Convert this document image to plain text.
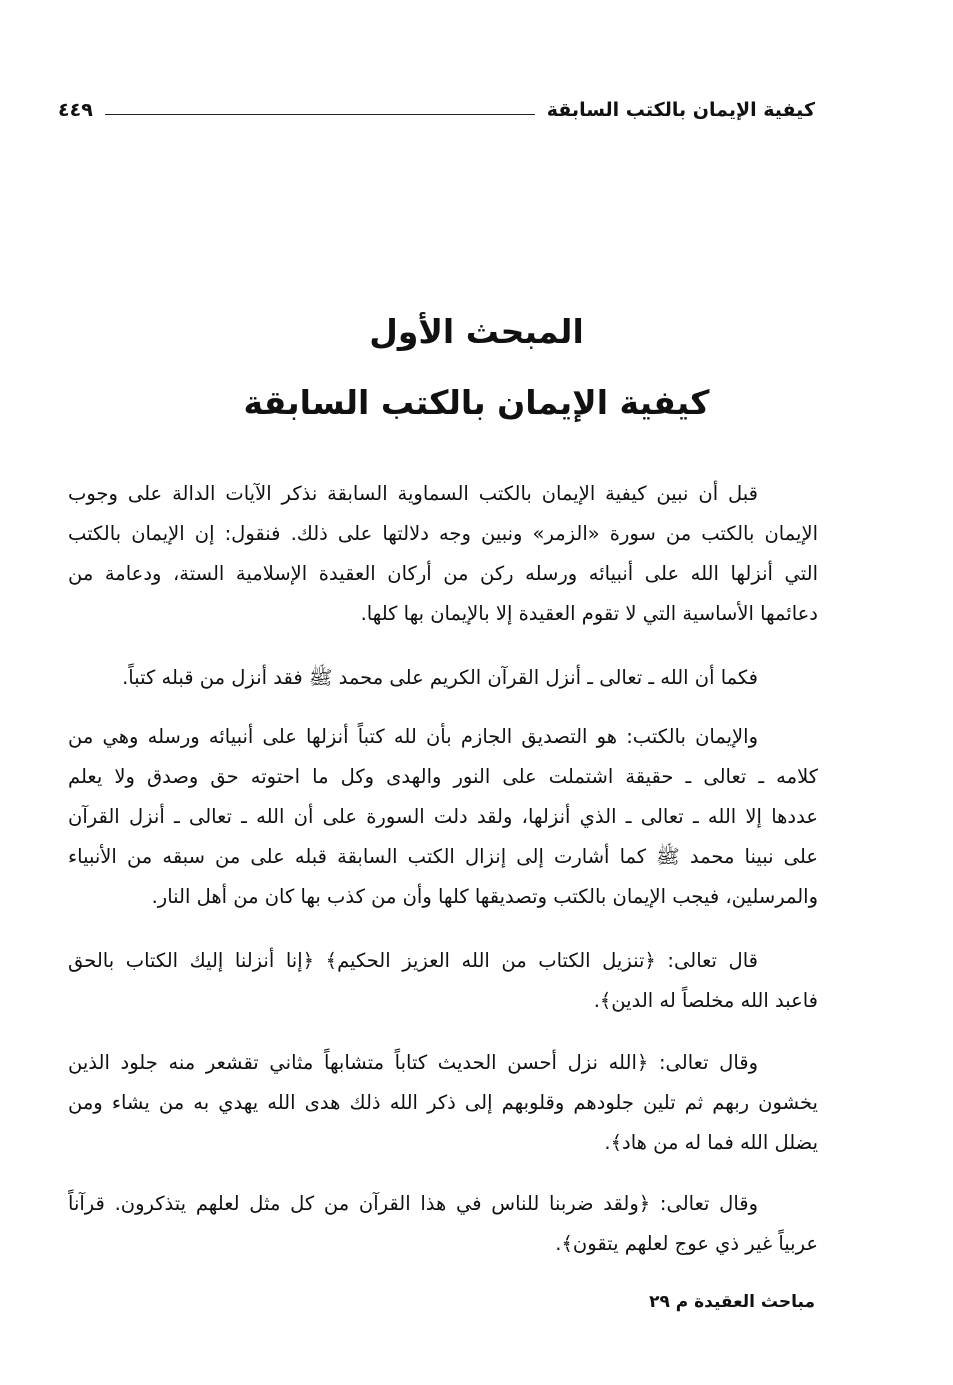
كيفية الإيمان بالكتب السابقة
٤٤٩
المبحث الأول
كيفية الإيمان بالكتب السابقة
قبل أن نبين كيفية الإيمان بالكتب السماوية السابقة نذكر الآيات الدالة على وجوب
الإيمان بالكتب من سورة «الزمر» ونبين وجه دلالتها على ذلك. فنقول: إن الإيمان بالكتب
التي أنزلها الله على أنبيائه ورسله ركن من أركان العقيدة الإسلامية الستة، ودعامة من
دعائمها الأساسية التي لا تقوم العقيدة إلا بالإيمان بها كلها.
فكما أن الله ـ تعالى ـ أنزل القرآن الكريم على محمد ﷺ فقد أنزل من قبله كتباً.
والإيمان بالكتب: هو التصديق الجازم بأن لله كتباً أنزلها على أنبيائه ورسله وهي من
كلامه ـ تعالى ـ حقيقة اشتملت على النور والهدى وكل ما احتوته حق وصدق ولا يعلم
عددها إلا الله ـ تعالى ـ الذي أنزلها، ولقد دلت السورة على أن الله ـ تعالى ـ أنزل القرآن
على نبينا محمد ﷺ كما أشارت إلى إنزال الكتب السابقة قبله على من سبقه من الأنبياء
والمرسلين، فيجب الإيمان بالكتب وتصديقها كلها وأن من كذب بها كان من أهل النار.
قال تعالى: ﴿تنزيل الكتاب من الله العزيز الحكيم﴾ ﴿إنا أنزلنا إليك الكتاب بالحق
فاعبد الله مخلصاً له الدين﴾.
وقال تعالى: ﴿الله نزل أحسن الحديث كتاباً متشابهاً مثاني تقشعر منه جلود الذين
يخشون ربهم ثم تلين جلودهم وقلوبهم إلى ذكر الله ذلك هدى الله يهدي به من يشاء ومن
يضلل الله فما له من هاد﴾.
وقال تعالى: ﴿ولقد ضربنا للناس في هذا القرآن من كل مثل لعلهم يتذكرون. قرآناً
عربياً غير ذي عوج لعلهم يتقون﴾.
مباحث العقيدة م ٢٩
